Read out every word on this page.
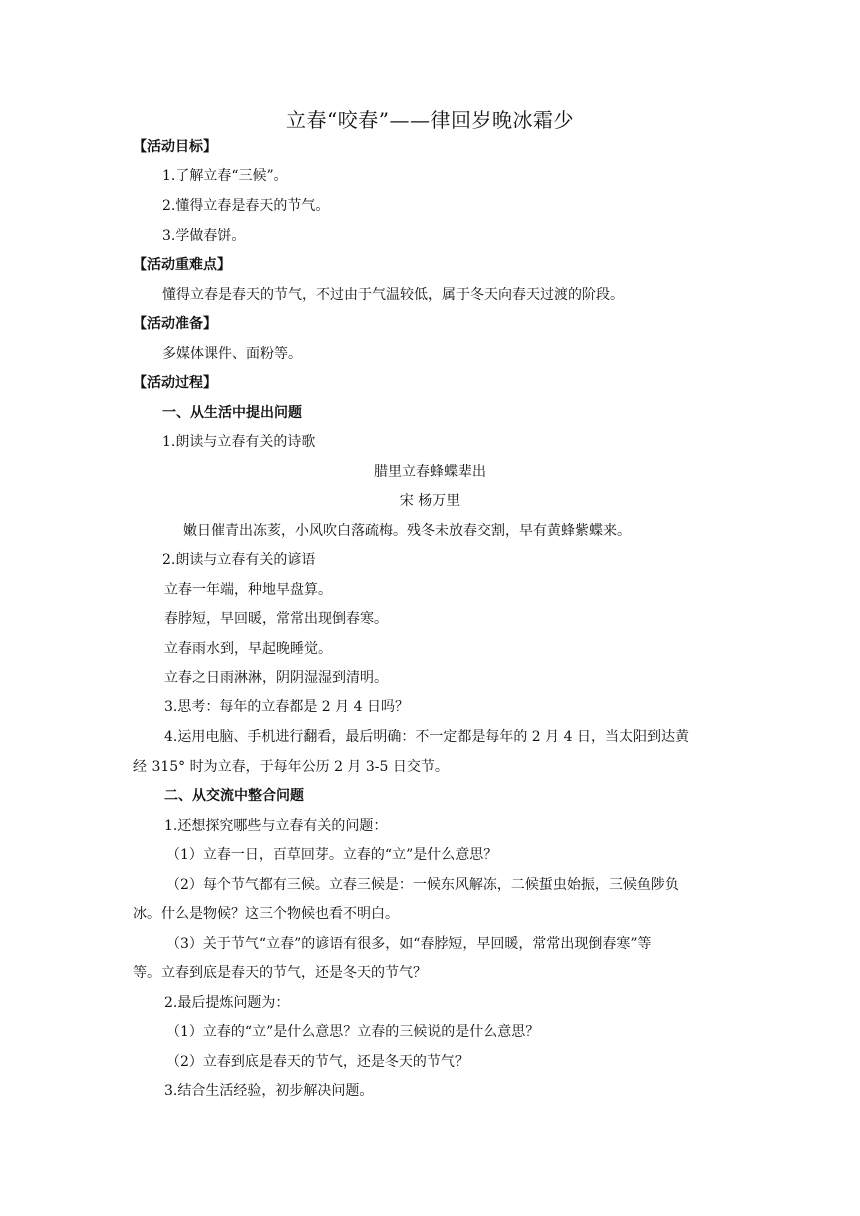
立春“咬春”——律回岁晚冰霜少
【活动目标】
1.了解立春“三候”。
2.懂得立春是春天的节气。
3.学做春饼。
【活动重难点】
懂得立春是春天的节气，不过由于气温较低，属于冬天向春天过渡的阶段。
【活动准备】
多媒体课件、面粉等。
【活动过程】
一、从生活中提出问题
1.朗读与立春有关的诗歌
腊里立春蜂蝶辈出
宋 杨万里
嫩日催青出冻荄，小风吹白落疏梅。残冬未放春交割，早有黄蜂紫蝶来。
2.朗读与立春有关的谚语
立春一年端，种地早盘算。
春脖短，早回暖，常常出现倒春寒。
立春雨水到，早起晚睡觉。
立春之日雨淋淋，阴阴湿湿到清明。
3.思考：每年的立春都是 2 月 4 日吗？
4.运用电脑、手机进行翻看，最后明确：不一定都是每年的 2 月 4 日，当太阳到达黄
经 315° 时为立春，于每年公历 2 月 3-5 日交节。
二、从交流中整合问题
1.还想探究哪些与立春有关的问题：
（1）立春一日，百草回芽。立春的“立”是什么意思？
（2）每个节气都有三候。立春三候是：一候东风解冻，二候蜇虫始振，三候鱼陟负
冰。什么是物候？这三个物候也看不明白。
（3）关于节气“立春”的谚语有很多，如“春脖短，早回暖，常常出现倒春寒”等
等。立春到底是春天的节气，还是冬天的节气？
2.最后提炼问题为：
（1）立春的“立”是什么意思？立春的三候说的是什么意思？
（2）立春到底是春天的节气，还是冬天的节气？
3.结合生活经验，初步解决问题。
